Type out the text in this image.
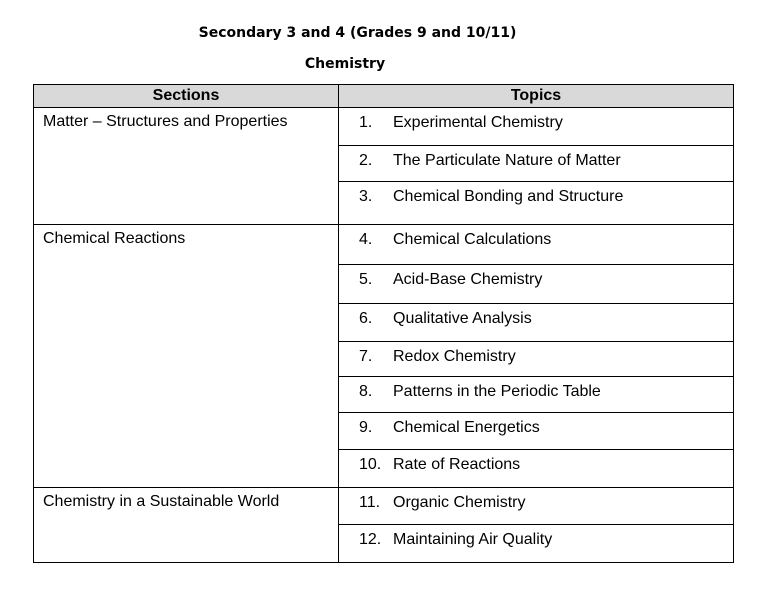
Secondary 3 and 4 (Grades 9 and 10/11)
Chemistry
Sections	Topics

Matter – Structures and Properties	1. Experimental Chemistry

	2. The Particulate Nature of Matter

	3. Chemical Bonding and Structure

Chemical Reactions	4. Chemical Calculations

	5. Acid-Base Chemistry

	6. Qualitative Analysis

	7. Redox Chemistry

	8. Patterns in the Periodic Table

	9. Chemical Energetics

	10. Rate of Reactions

Chemistry in a Sustainable World	11. Organic Chemistry

	12. Maintaining Air Quality
